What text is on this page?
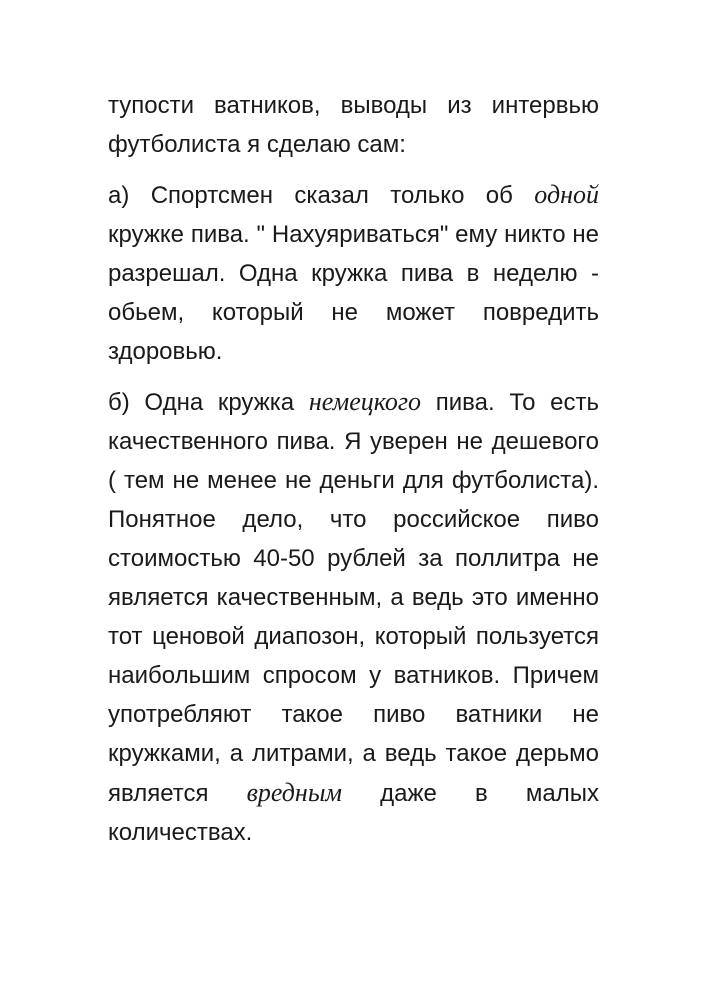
тупости ватников, выводы из интервью футболиста я сделаю сам:

а) Спортсмен сказал только об одной кружке пива. " Нахуяриваться" ему никто не разрешал. Одна кружка пива в неделю - обьем, который не может повредить здоровью.

б) Одна кружка немецкого пива. То есть качественного пива. Я уверен не дешевого ( тем не менее не деньги для футболиста). Понятное дело, что российское пиво стоимостью 40-50 рублей за поллитра не является качественным, а ведь это именно тот ценовой диапозон, который пользуется наибольшим спросом у ватников. Причем употребляют такое пиво ватники не кружками, а литрами, а ведь такое дерьмо является вредным даже в малых количествах.
